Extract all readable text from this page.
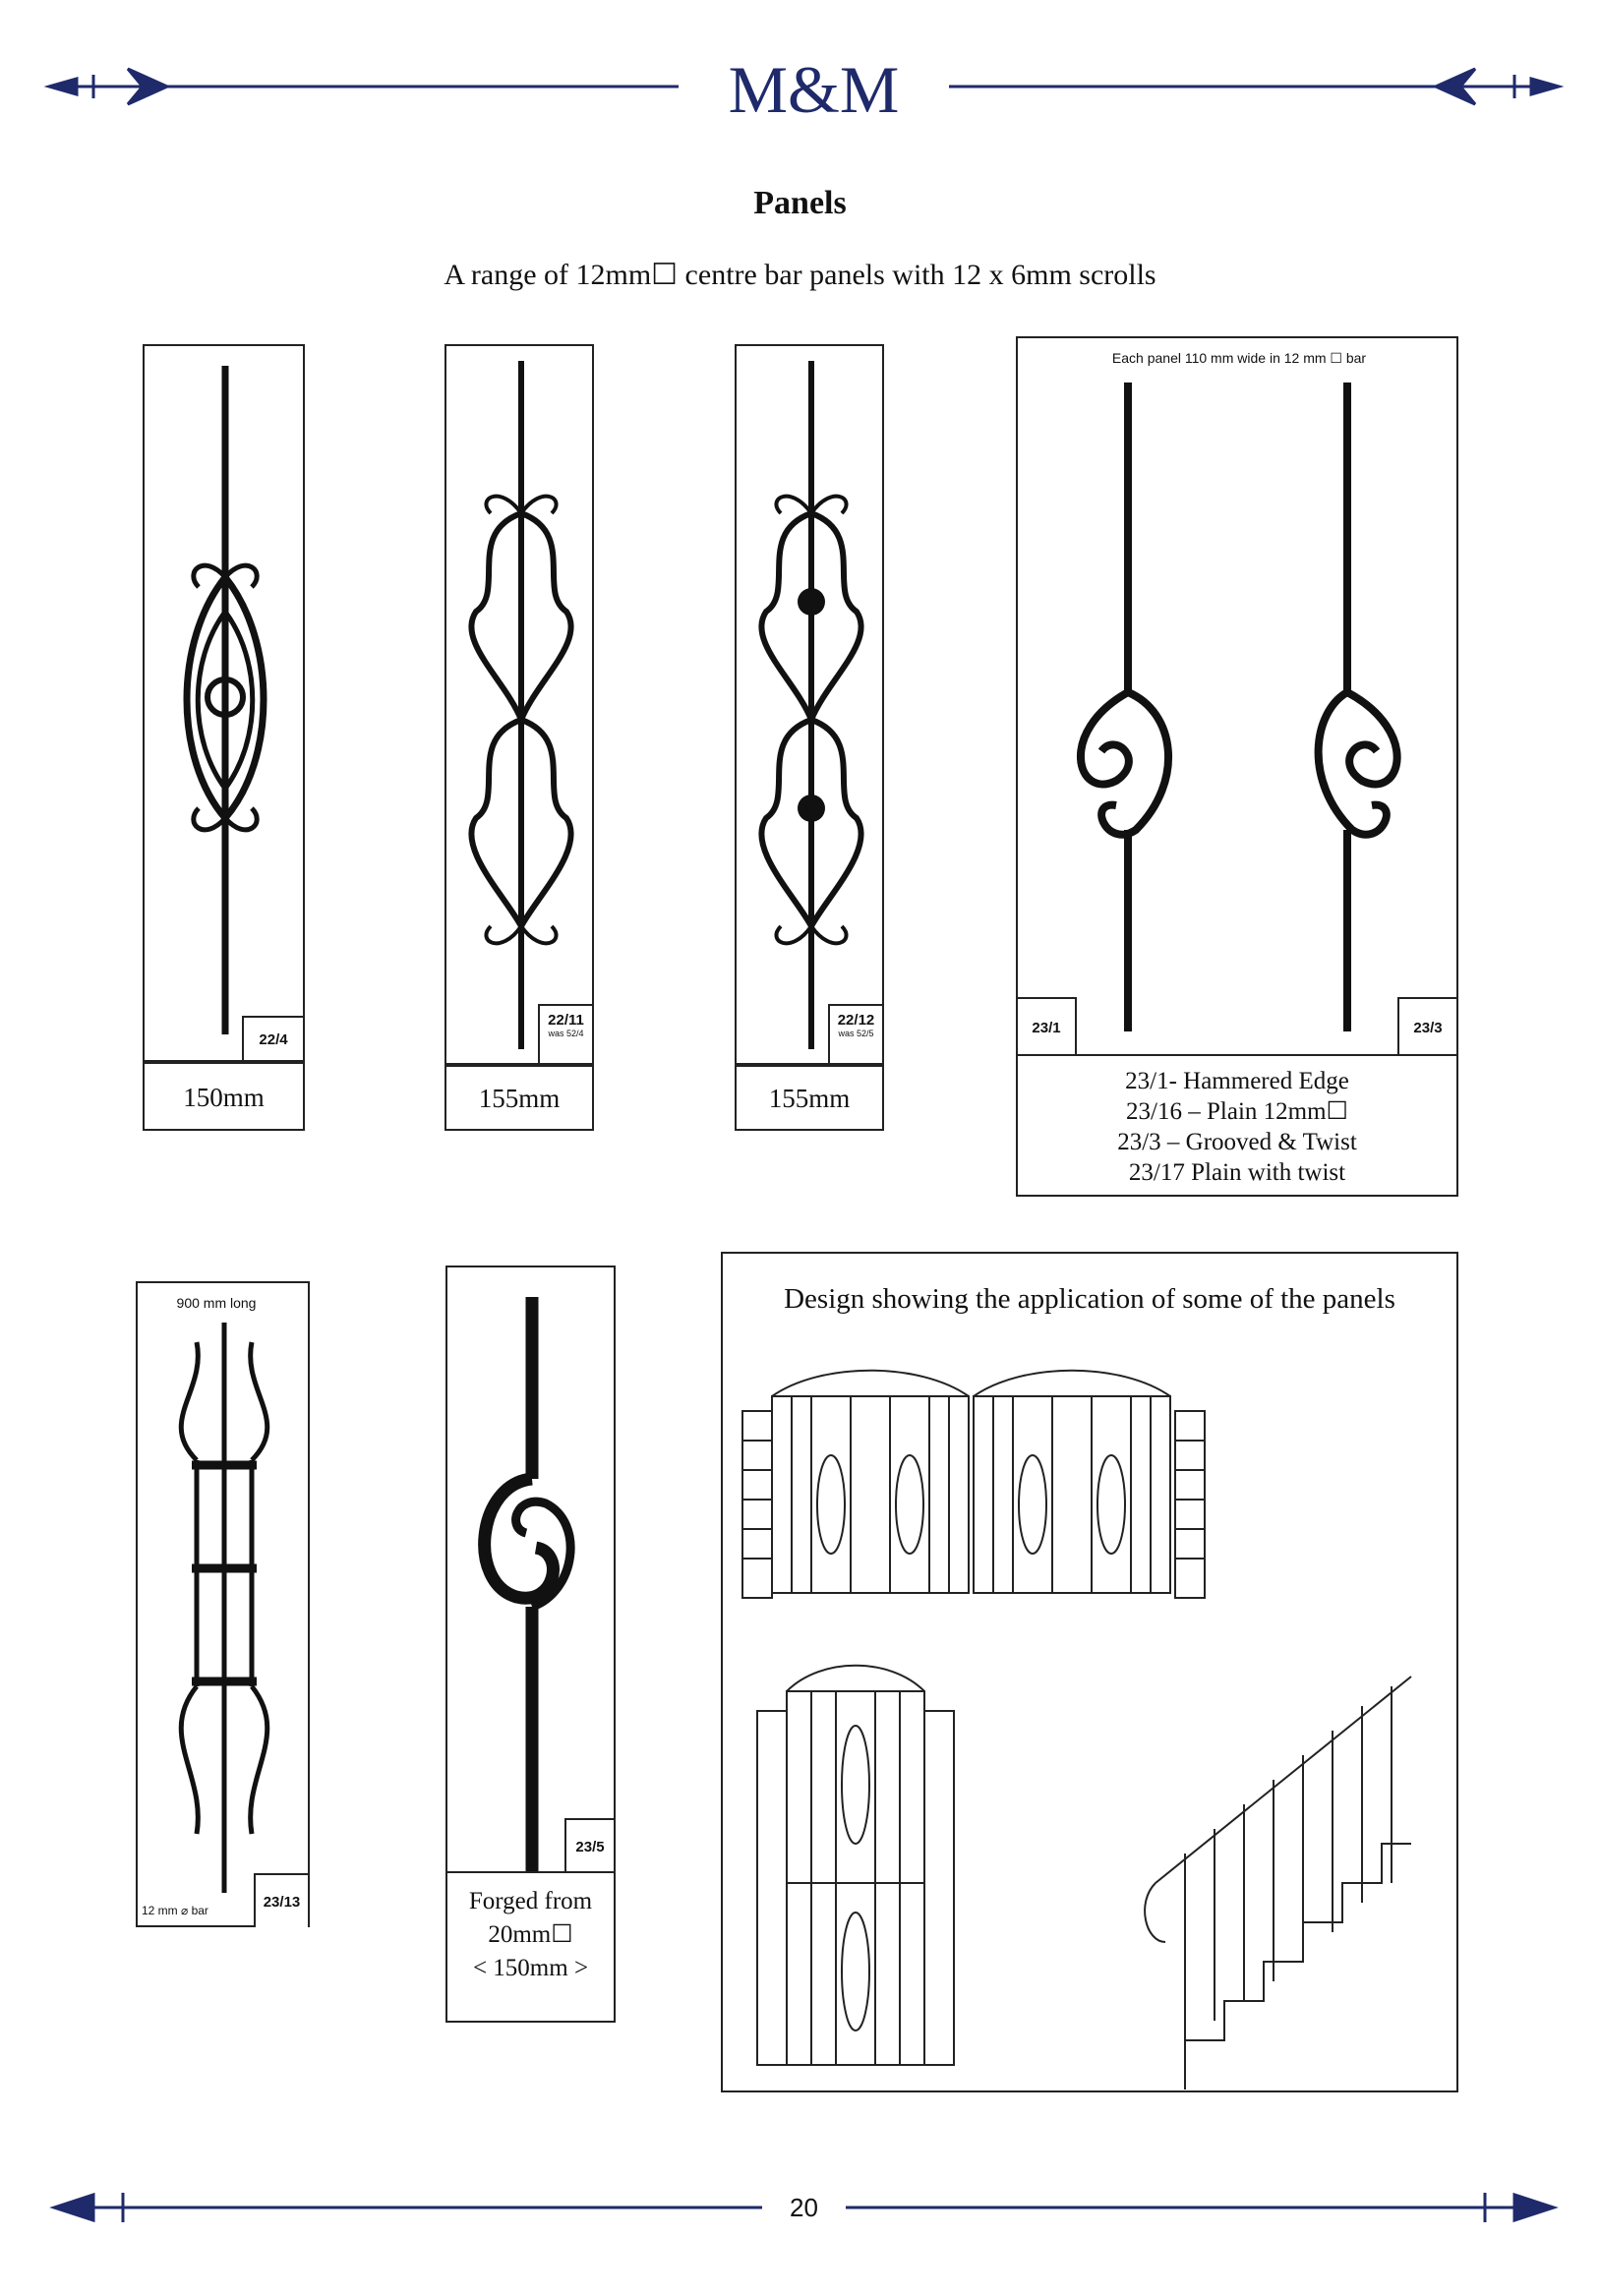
M&M
Panels
A range of 12mm☐ centre bar panels with 12 x 6mm scrolls
22/4
150mm
22/11
was 52/4
155mm
22/12
was 52/5
155mm
Each panel 110 mm wide in 12 mm ☐ bar
23/1	23/3
23/1- Hammered Edge
23/16 – Plain 12mm☐
23/3 – Grooved & Twist
23/17 Plain with twist
900 mm long
12 mm ⌀ bar	23/13
23/5
Forged from
20mm☐
< 150mm >
Design showing the application of some of the panels
20
